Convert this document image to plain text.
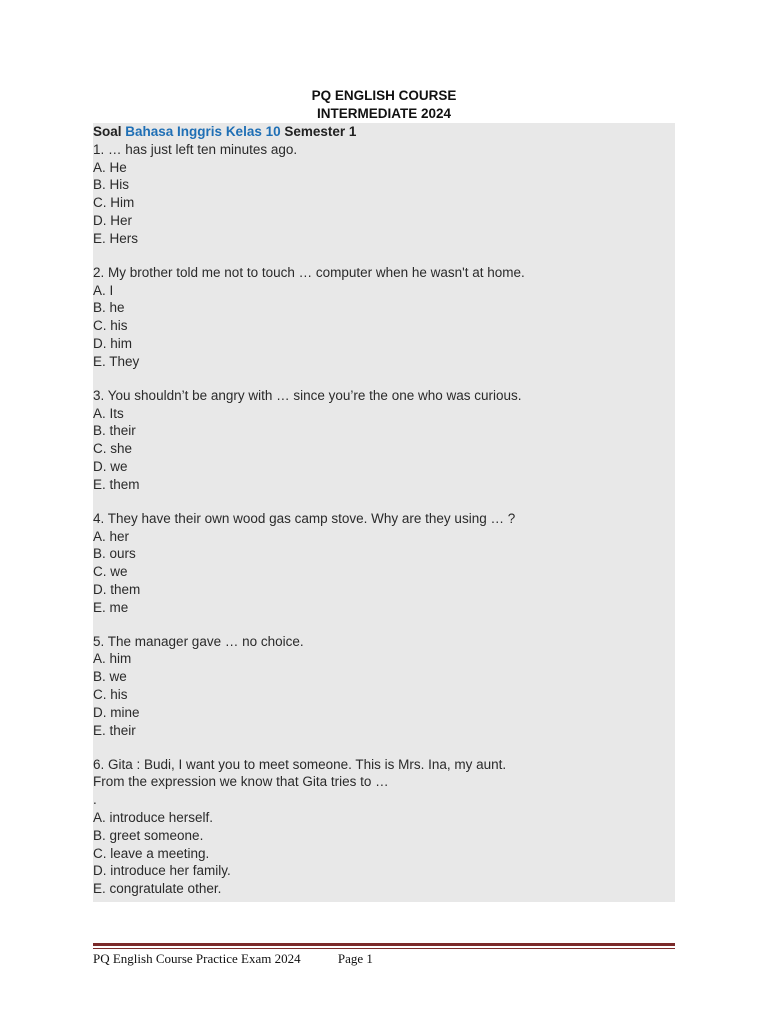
PQ ENGLISH COURSE
INTERMEDIATE 2024
Soal Bahasa Inggris Kelas 10 Semester 1
1. … has just left ten minutes ago.
A. He
B. His
C. Him
D. Her
E. Hers
2. My brother told me not to touch … computer when he wasn't at home.
A. I
B. he
C. his
D. him
E. They
3. You shouldn’t be angry with … since you’re the one who was curious.
A. Its
B. their
C. she
D. we
E. them
4. They have their own wood gas camp stove. Why are they using … ?
A. her
B. ours
C. we
D. them
E. me
5. The manager gave … no choice.
A. him
B. we
C. his
D. mine
E. their
6. Gita : Budi, I want you to meet someone. This is Mrs. Ina, my aunt.
From the expression we know that Gita tries to …
.
A. introduce herself.
B. greet someone.
C. leave a meeting.
D. introduce her family.
E. congratulate other.
PQ English Course Practice Exam 2024	Page 1
